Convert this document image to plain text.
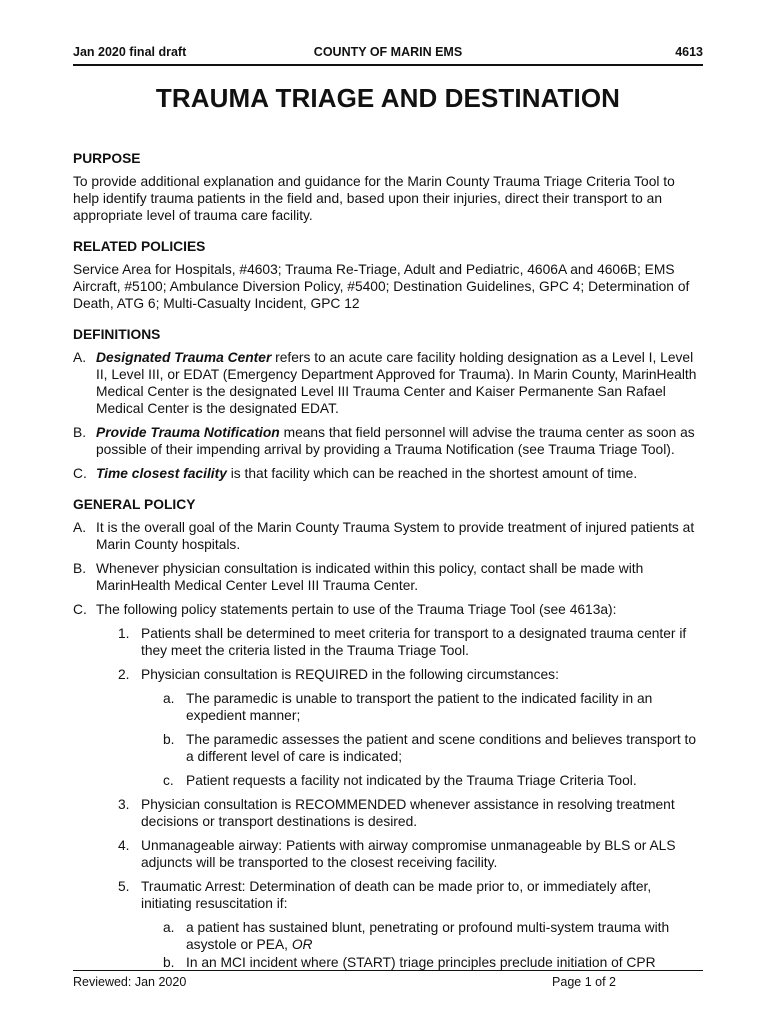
Jan 2020 final draft	COUNTY OF MARIN EMS	4613
TRAUMA TRIAGE AND DESTINATION
PURPOSE

To provide additional explanation and guidance for the Marin County Trauma Triage Criteria Tool to help identify trauma patients in the field and, based upon their injuries, direct their transport to an appropriate level of trauma care facility.

RELATED POLICIES

Service Area for Hospitals, #4603; Trauma Re-Triage, Adult and Pediatric, 4606A and 4606B; EMS Aircraft, #5100; Ambulance Diversion Policy, #5400; Destination Guidelines, GPC 4; Determination of Death, ATG 6; Multi-Casualty Incident, GPC 12

DEFINITIONS
A. Designated Trauma Center refers to an acute care facility holding designation as a Level I, Level II, Level III, or EDAT (Emergency Department Approved for Trauma). In Marin County, MarinHealth Medical Center is the designated Level III Trauma Center and Kaiser Permanente San Rafael Medical Center is the designated EDAT.

B. Provide Trauma Notification means that field personnel will advise the trauma center as soon as possible of their impending arrival by providing a Trauma Notification (see Trauma Triage Tool).

C. Time closest facility is that facility which can be reached in the shortest amount of time.

GENERAL POLICY
A. It is the overall goal of the Marin County Trauma System to provide treatment of injured patients at Marin County hospitals.

B. Whenever physician consultation is indicated within this policy, contact shall be made with MarinHealth Medical Center Level III Trauma Center.

C. The following policy statements pertain to use of the Trauma Triage Tool (see 4613a):

1. Patients shall be determined to meet criteria for transport to a designated trauma center if they meet the criteria listed in the Trauma Triage Tool.

2. Physician consultation is REQUIRED in the following circumstances:

a. The paramedic is unable to transport the patient to the indicated facility in an expedient manner;

b. The paramedic assesses the patient and scene conditions and believes transport to a different level of care is indicated;

c. Patient requests a facility not indicated by the Trauma Triage Criteria Tool.

3. Physician consultation is RECOMMENDED whenever assistance in resolving treatment decisions or transport destinations is desired.

4. Unmanageable airway: Patients with airway compromise unmanageable by BLS or ALS adjuncts will be transported to the closest receiving facility.

5. Traumatic Arrest: Determination of death can be made prior to, or immediately after, initiating resuscitation if:

a. a patient has sustained blunt, penetrating or profound multi-system trauma with asystole or PEA, OR

b. In an MCI incident where (START) triage principles preclude initiation of CPR

Reviewed: Jan 2020	Page 1 of 2
